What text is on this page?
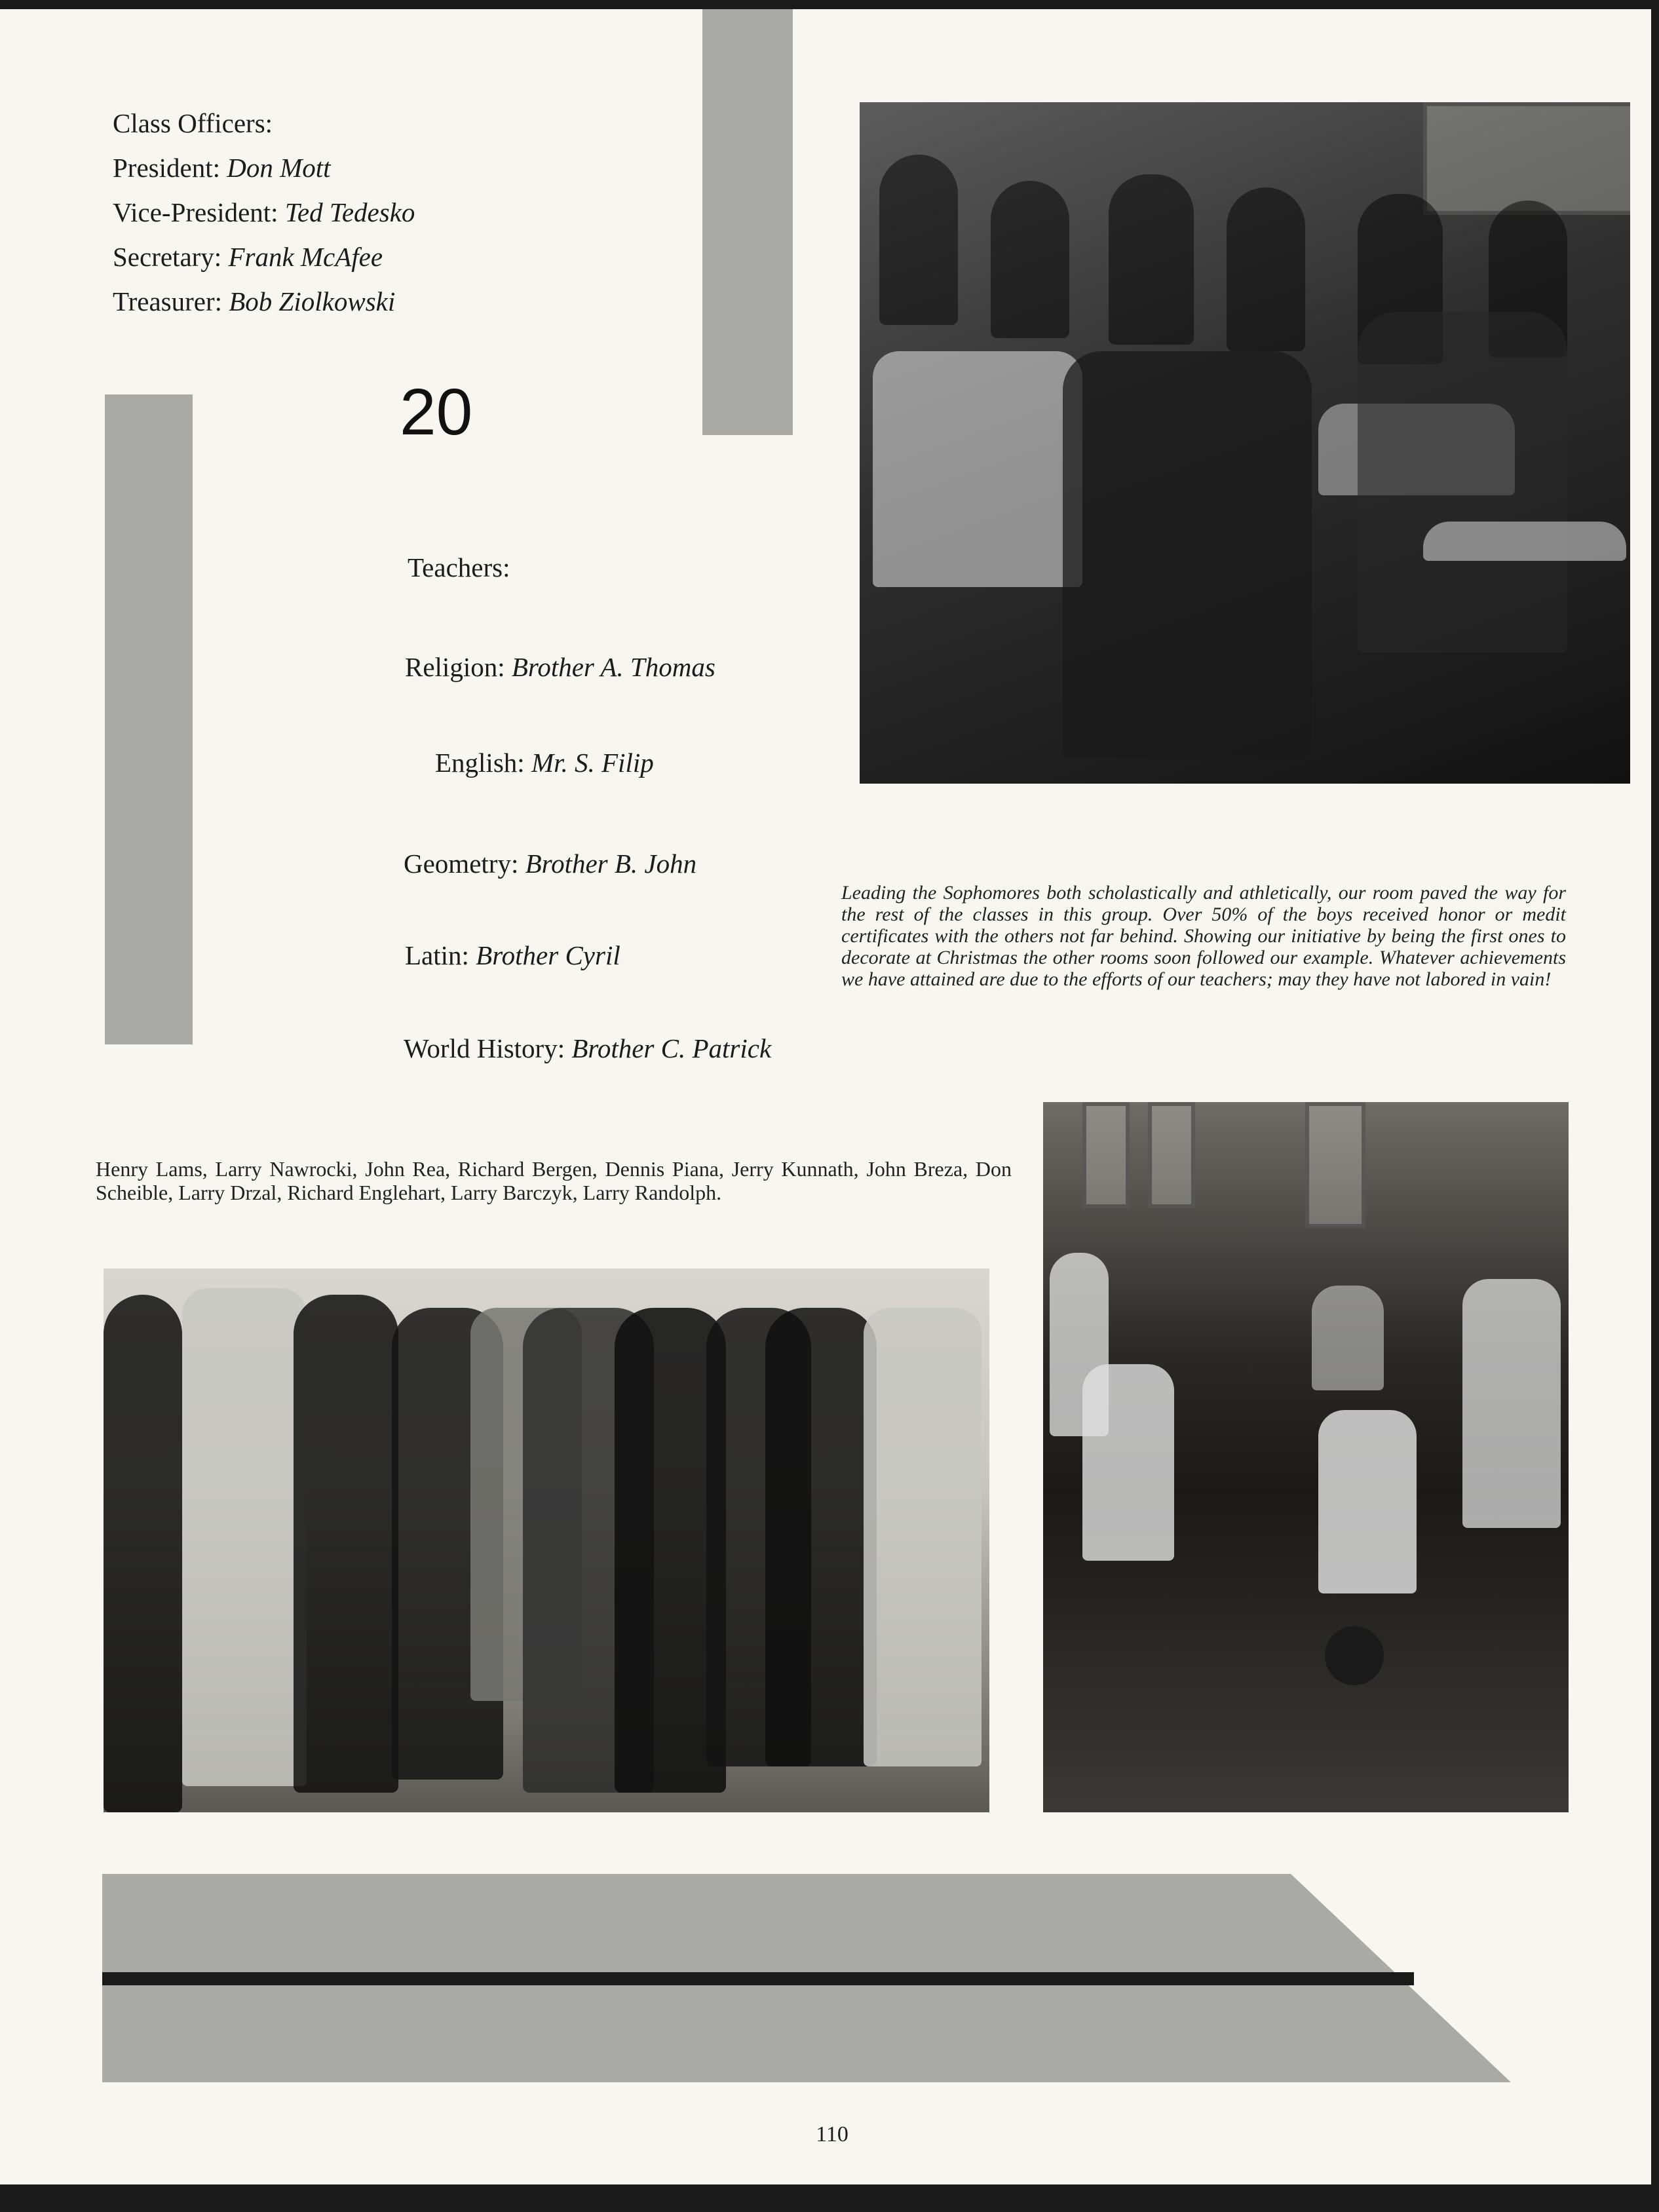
Class Officers:
President: Don Mott
Vice-President: Ted Tedesko
Secretary: Frank McAfee
Treasurer: Bob Ziolkowski
20
Teachers:
Religion: Brother A. Thomas
English: Mr. S. Filip
Geometry: Brother B. John
Latin: Brother Cyril
World History: Brother C. Patrick
Leading the Sophomores both scholastically and athletically, our room paved the way for the rest of the classes in this group. Over 50% of the boys received honor or medit certificates with the others not far behind. Showing our initiative by being the first ones to decorate at Christmas the other rooms soon followed our example. Whatever achievements we have attained are due to the efforts of our teachers; may they have not labored in vain!
Henry Lams, Larry Nawrocki, John Rea, Richard Bergen, Dennis Piana, Jerry Kunnath, John Breza, Don Scheible, Larry Drzal, Richard Englehart, Larry Barczyk, Larry Randolph.
110
